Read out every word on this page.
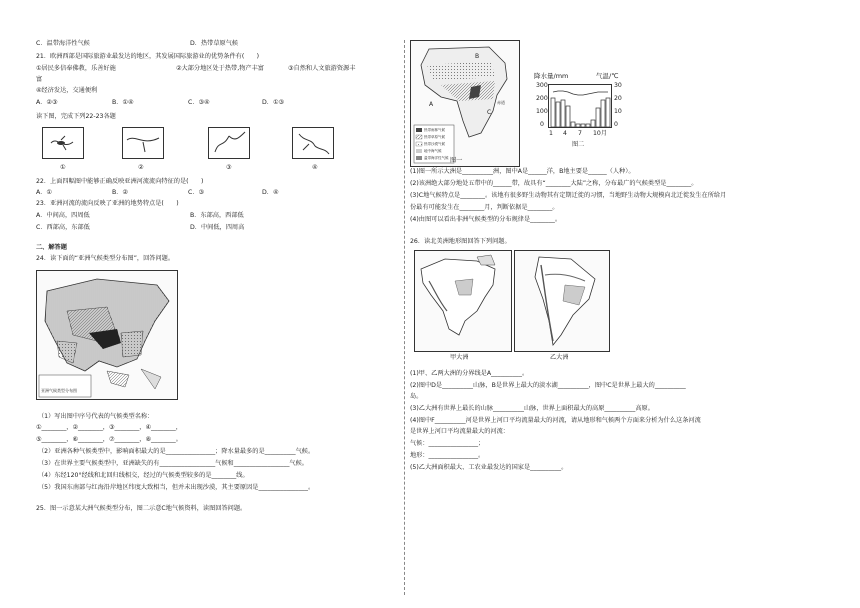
C．温带海洋性气候	D．热带草原气候
21．欧洲西部是国际旅游业最发达的地区，其发展国际旅游业的优势条件有(　　)
①居民多信奉佛教，乐善好施	②大部分地区处于热带,物产丰富	③自然和人文旅游资源丰
富
④经济发达，交通便利
A．②③	B．①④	C．③④	D．①③
读下图，完成下列22-23各题
①	②	③	④
22．上面四幅图中能够正确反映亚洲河流流向特征的是(　　)
A．①	B．②	C．③	D．④
23．亚洲河流的流向反映了亚洲的地势特点是(　　)
A．中间高，四周低	B．东部高，西部低
C．西部高，东部低	D．中间低，四周高
二、解答题
24．读下面的“亚洲气候类型分布图”，回答问题。
亚洲气候类型分布图
（1）写出图中序号代表的气候类型名称：
①________，②________，③________，④________，
⑤________，⑥________，⑦________，⑧________。
（2）亚洲各种气候类型中，影响面积最大的是________________；降水量最多的是__________气候。
（3）在世界主要气候类型中，亚洲缺失的有__________________气候和__________________气候。
（4）东经120°经线和北回归线相交，经过的气候类型较多的是________线。
（5）我国东南部与红海沿岸地区纬度大致相当，但并未出现沙漠，其主要原因是________________。
25．图一示意某大洲气候类型分布，图二示意C地气候资料，读图回答问题。
B
A
C
赤道
热带雨林气候
热带草原气候
热带沙漠气候
地中海气候
温带海洋性气候 图一
降水量/mm	气温/℃
300
200
100
0
30
20
10
0
1 4 7 10月
图二
(1)图一所示大洲是__________洲，图中A是______洋，B地主要是______（人种）。
(2)该洲绝大部分地处五带中的______带，故具有“________大陆”之称，分布最广的气候类型是________。
(3)C地气候特点是________。该地有很多野生动物其有定期迁徙的习惯，当地野生动物大规模向北迁徙发生在所给月
份最有可能发生在________月，判断依据是________。
(4)由图可以看出非洲气候类型的分布规律是________。
26．读北美洲地形图回答下列问题。
甲大洲	乙大洲
(1)甲、乙两大洲的分界线是A__________。
(2)图中D是__________山脉，B是世界上最大的淡水湖__________，图中C是世界上最大的__________
岛。
(3)乙大洲有世界上最长的山脉__________山脉，世界上面积最大的高原__________高原。
(4)图中F__________河是世界上河口平均流量最大的河流，请从地形和气候两个方面来分析为什么这条河流
是世界上河口平均流量最大的河流：
气候：________________；
地形：________________。
(5)乙大洲面积最大、工农业最发达的国家是__________。
